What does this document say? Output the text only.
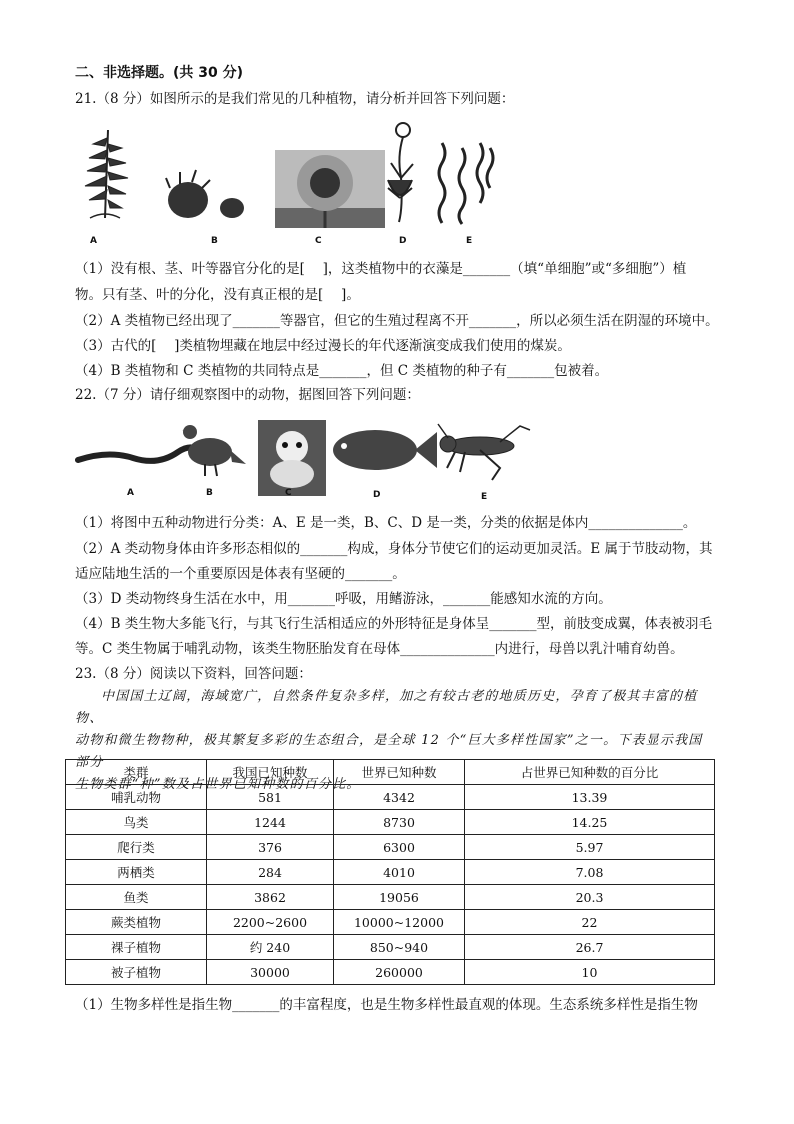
二、非选择题。(共 30 分)
21.（8 分）如图所示的是我们常见的几种植物，请分析并回答下列问题：
A	B	C	D	E
（1）没有根、茎、叶等器官分化的是[　 ]，这类植物中的衣藻是_______（填“单细胞”或“多细胞”）植
物。只有茎、叶的分化，没有真正根的是[　 ]。
（2）A 类植物已经出现了_______等器官，但它的生殖过程离不开_______，所以必须生活在阴湿的环境中。
（3）古代的[　 ]类植物埋藏在地层中经过漫长的年代逐渐演变成我们使用的煤炭。
（4）B 类植物和 C 类植物的共同特点是_______，但 C 类植物的种子有_______包被着。
22.（7 分）请仔细观察图中的动物，据图回答下列问题：
A	B	C	D	E
（1）将图中五种动物进行分类：A、E 是一类，B、C、D 是一类，分类的依据是体内______________。
（2）A 类动物身体由许多形态相似的_______构成，身体分节使它们的运动更加灵活。E 属于节肢动物，其
适应陆地生活的一个重要原因是体表有坚硬的_______。
（3）D 类动物终身生活在水中，用_______呼吸，用鳍游泳，_______能感知水流的方向。
（4）B 类生物大多能飞行，与其飞行生活相适应的外形特征是身体呈_______型，前肢变成翼，体表被羽毛
等。C 类生物属于哺乳动物，该类生物胚胎发育在母体______________内进行，母兽以乳汁哺育幼兽。
23.（8 分）阅读以下资料，回答问题：
中国国土辽阔，海域宽广，自然条件复杂多样，加之有较古老的地质历史，孕育了极其丰富的植物、
动物和微生物物种，极其繁复多彩的生态组合，是全球 12 个“巨大多样性国家”之一。下表显示我国部分
生物类群“种”数及占世界已知种数的百分比。
类群	我国已知种数	世界已知种数	占世界已知种数的百分比
哺乳动物	581	4342	13.39
鸟类	1244	8730	14.25
爬行类	376	6300	5.97
两栖类	284	4010	7.08
鱼类	3862	19056	20.3
蕨类植物	2200~2600	10000~12000	22
裸子植物	约 240	850~940	26.7
被子植物	30000	260000	10
（1）生物多样性是指生物_______的丰富程度，也是生物多样性最直观的体现。生态系统多样性是指生物
